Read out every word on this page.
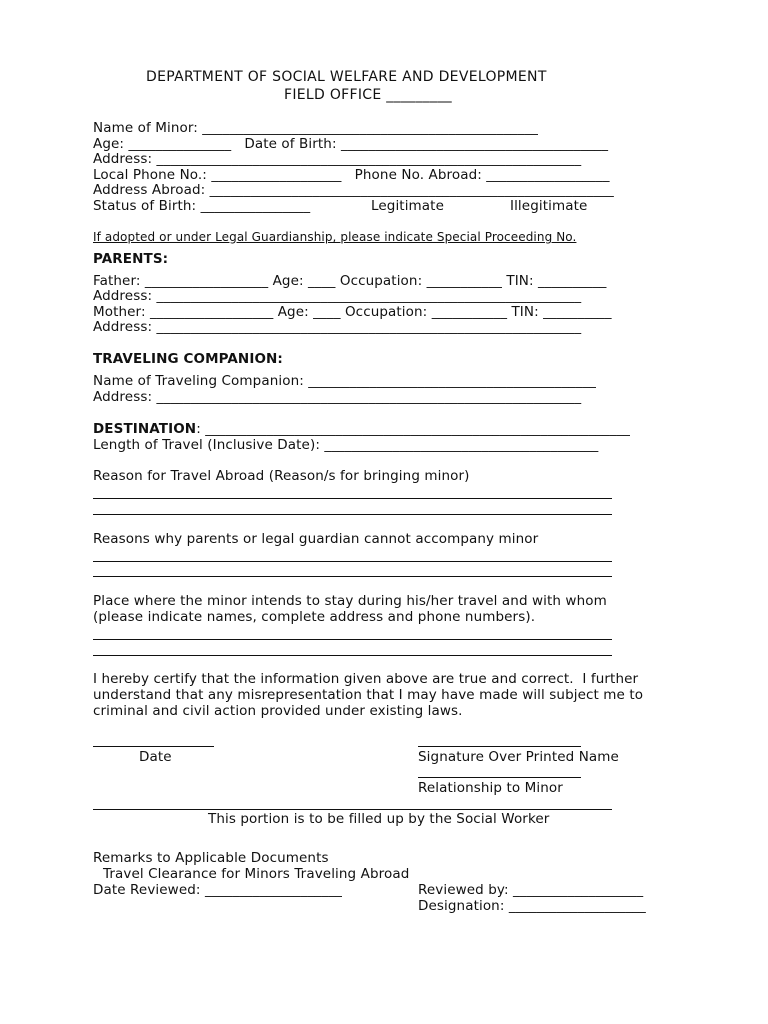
DEPARTMENT OF SOCIAL WELFARE AND DEVELOPMENT
FIELD OFFICE _________
Name of Minor: _________________________________________________
Age: _______________   Date of Birth: _______________________________________
Address: ______________________________________________________________
Local Phone No.: ___________________   Phone No. Abroad: __________________
Address Abroad: ___________________________________________________________
Status of Birth: ________________	Legitimate	Illegitimate
If adopted or under Legal Guardianship, please indicate Special Proceeding No.
PARENTS:
Father: __________________ Age: ____ Occupation: ___________ TIN: __________
Address: ______________________________________________________________
Mother: __________________ Age: ____ Occupation: ___________ TIN: __________
Address: ______________________________________________________________
TRAVELING COMPANION:
Name of Traveling Companion: __________________________________________
Address: ______________________________________________________________
DESTINATION: ______________________________________________________________
Length of Travel (Inclusive Date): ________________________________________
Reason for Travel Abroad (Reason/s for bringing minor)
Reasons why parents or legal guardian cannot accompany minor
Place where the minor intends to stay during his/her travel and with whom
(please indicate names, complete address and phone numbers).
I hereby certify that the information given above are true and correct.  I further
understand that any misrepresentation that I may have made will subject me to
criminal and civil action provided under existing laws.
Date	Signature Over Printed Name
Relationship to Minor
This portion is to be filled up by the Social Worker
Remarks to Applicable Documents
Travel Clearance for Minors Traveling Abroad
Date Reviewed: ____________________	Reviewed by: ___________________
Designation: ____________________
